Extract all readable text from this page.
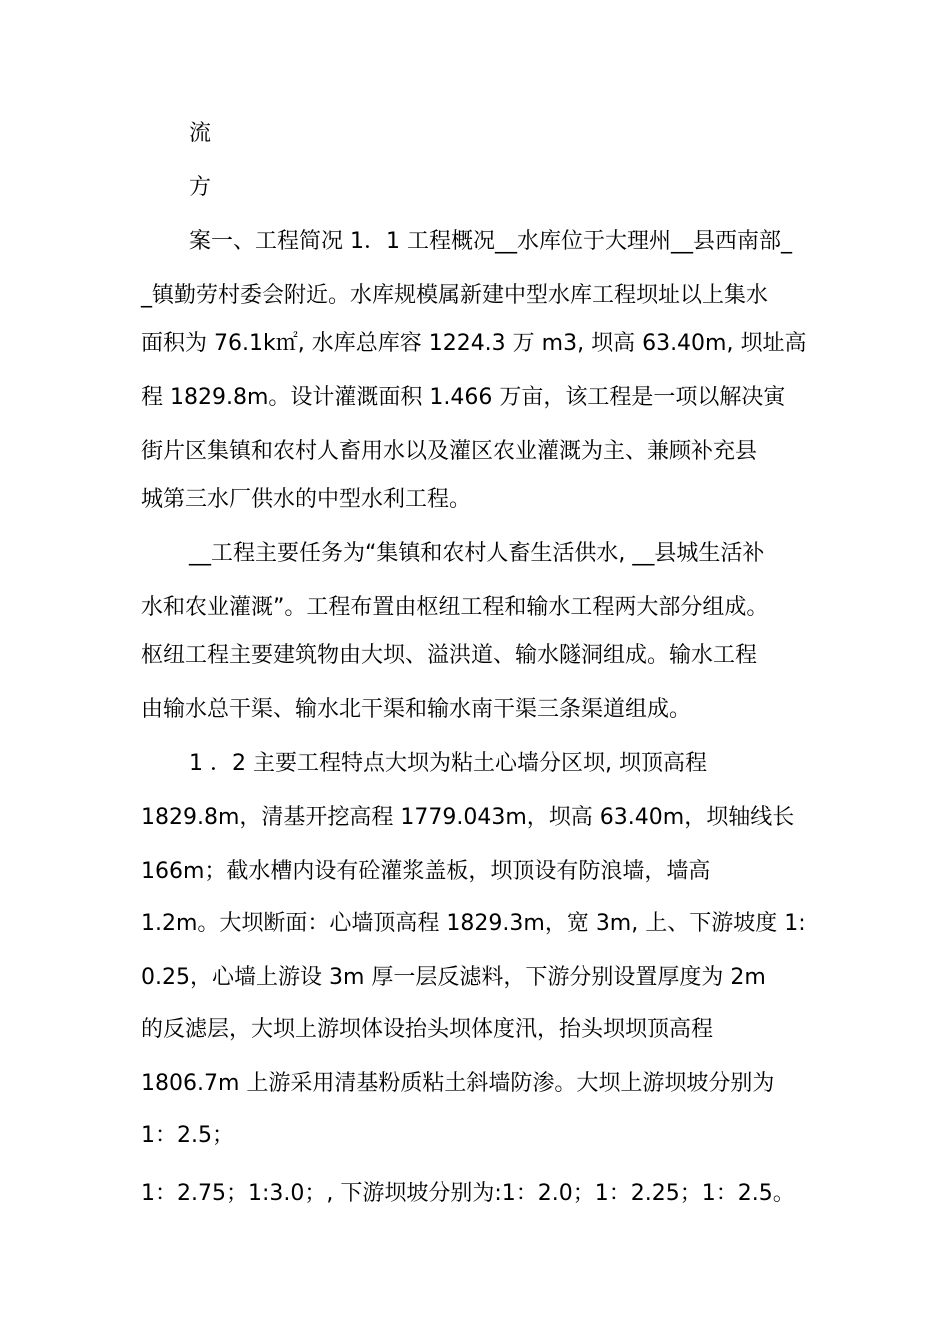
流
方
案一、工程简况 1．1 工程概况__水库位于大理州__县西南部_
_镇勤劳村委会附近。水库规模属新建中型水库工程坝址以上集水
面积为 76.1k㎡, 水库总库容 1224.3 万 m3, 坝高 63.40m, 坝址高
程 1829.8m。设计灌溉面积 1.466 万亩，该工程是一项以解决寅
街片区集镇和农村人畜用水以及灌区农业灌溉为主、兼顾补充县
城第三水厂供水的中型水利工程。
__工程主要任务为“集镇和农村人畜生活供水, __县城生活补
水和农业灌溉”。工程布置由枢纽工程和输水工程两大部分组成。
枢纽工程主要建筑物由大坝、溢洪道、输水隧洞组成。输水工程
由输水总干渠、输水北干渠和输水南干渠三条渠道组成。
1 ．2 主要工程特点大坝为粘土心墙分区坝, 坝顶高程
1829.8m，清基开挖高程 1779.043m，坝高 63.40m，坝轴线长
166m；截水槽内设有砼灌浆盖板，坝顶设有防浪墙，墙高
1.2m。大坝断面：心墙顶高程 1829.3m，宽 3m, 上、下游坡度 1:
0.25，心墙上游设 3m 厚一层反滤料，下游分别设置厚度为 2m
的反滤层，大坝上游坝体设抬头坝体度汛，抬头坝坝顶高程
1806.7m 上游采用清基粉质粘土斜墙防渗。大坝上游坝坡分别为
1：2.5；
1：2.75；1:3.0；, 下游坝坡分别为:1：2.0；1：2.25；1：2.5。
